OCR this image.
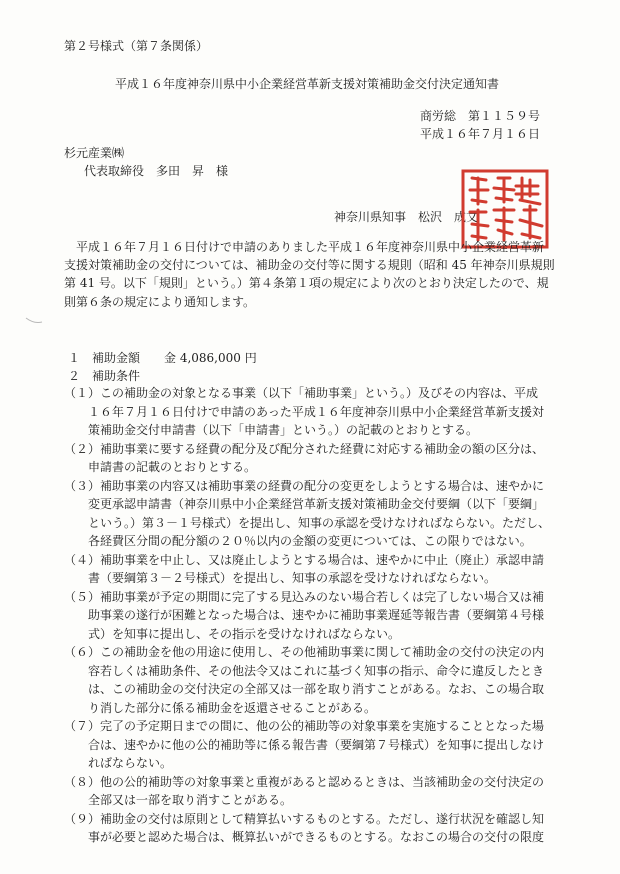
第２号様式（第７条関係）

平成１６年度神奈川県中小企業経営革新支援対策補助金交付決定通知書

商労総　第１１５９号

平成１６年７月１６日

杉元産業㈱

代表取締役　多田　昇　様

神奈川県知事　松沢　成文

　平成１６年７月１６日付けで申請のありました平成１６年度神奈川県中小企業経営革新
支援対策補助金の交付については、補助金の交付等に関する規則（昭和 45 年神奈川県規則
第 41 号。以下「規則」という。）第４条第１項の規定により次のとおり決定したので、規
則第６条の規定により通知します。

１　補助金額　　金 4,086,000 円

２　補助条件

（１）この補助金の対象となる事業（以下「補助事業」という。）及びその内容は、平成
１６年７月１６日付けで申請のあった平成１６年度神奈川県中小企業経営革新支援対
策補助金交付申請書（以下「申請書」という。）の記載のとおりとする。
（２）補助事業に要する経費の配分及び配分された経費に対応する補助金の額の区分は、
申請書の記載のとおりとする。
（３）補助事業の内容又は補助事業の経費の配分の変更をしようとする場合は、速やかに
変更承認申請書（神奈川県中小企業経営革新支援対策補助金交付要綱（以下「要綱」
という。）第３－１号様式）を提出し、知事の承認を受けなければならない。ただし、
各経費区分間の配分額の２０％以内の金額の変更については、この限りではない。
（４）補助事業を中止し、又は廃止しようとする場合は、速やかに中止（廃止）承認申請
書（要綱第３－２号様式）を提出し、知事の承認を受けなければならない。
（５）補助事業が予定の期間に完了する見込みのない場合若しくは完了しない場合又は補
助事業の遂行が困難となった場合は、速やかに補助事業遅延等報告書（要綱第４号様
式）を知事に提出し、その指示を受けなければならない。
（６）この補助金を他の用途に使用し、その他補助事業に関して補助金の交付の決定の内
容若しくは補助条件、その他法令又はこれに基づく知事の指示、命令に違反したとき
は、この補助金の交付決定の全部又は一部を取り消すことがある。なお、この場合取
り消した部分に係る補助金を返還させることがある。
（７）完了の予定期日までの間に、他の公的補助等の対象事業を実施することとなった場
合は、速やかに他の公的補助等に係る報告書（要綱第７号様式）を知事に提出しなけ
ればならない。
（８）他の公的補助等の対象事業と重複があると認めるときは、当該補助金の交付決定の
全部又は一部を取り消すことがある。
（９）補助金の交付は原則として精算払いするものとする。ただし、遂行状況を確認し知
事が必要と認めた場合は、概算払いができるものとする。なおこの場合の交付の限度
